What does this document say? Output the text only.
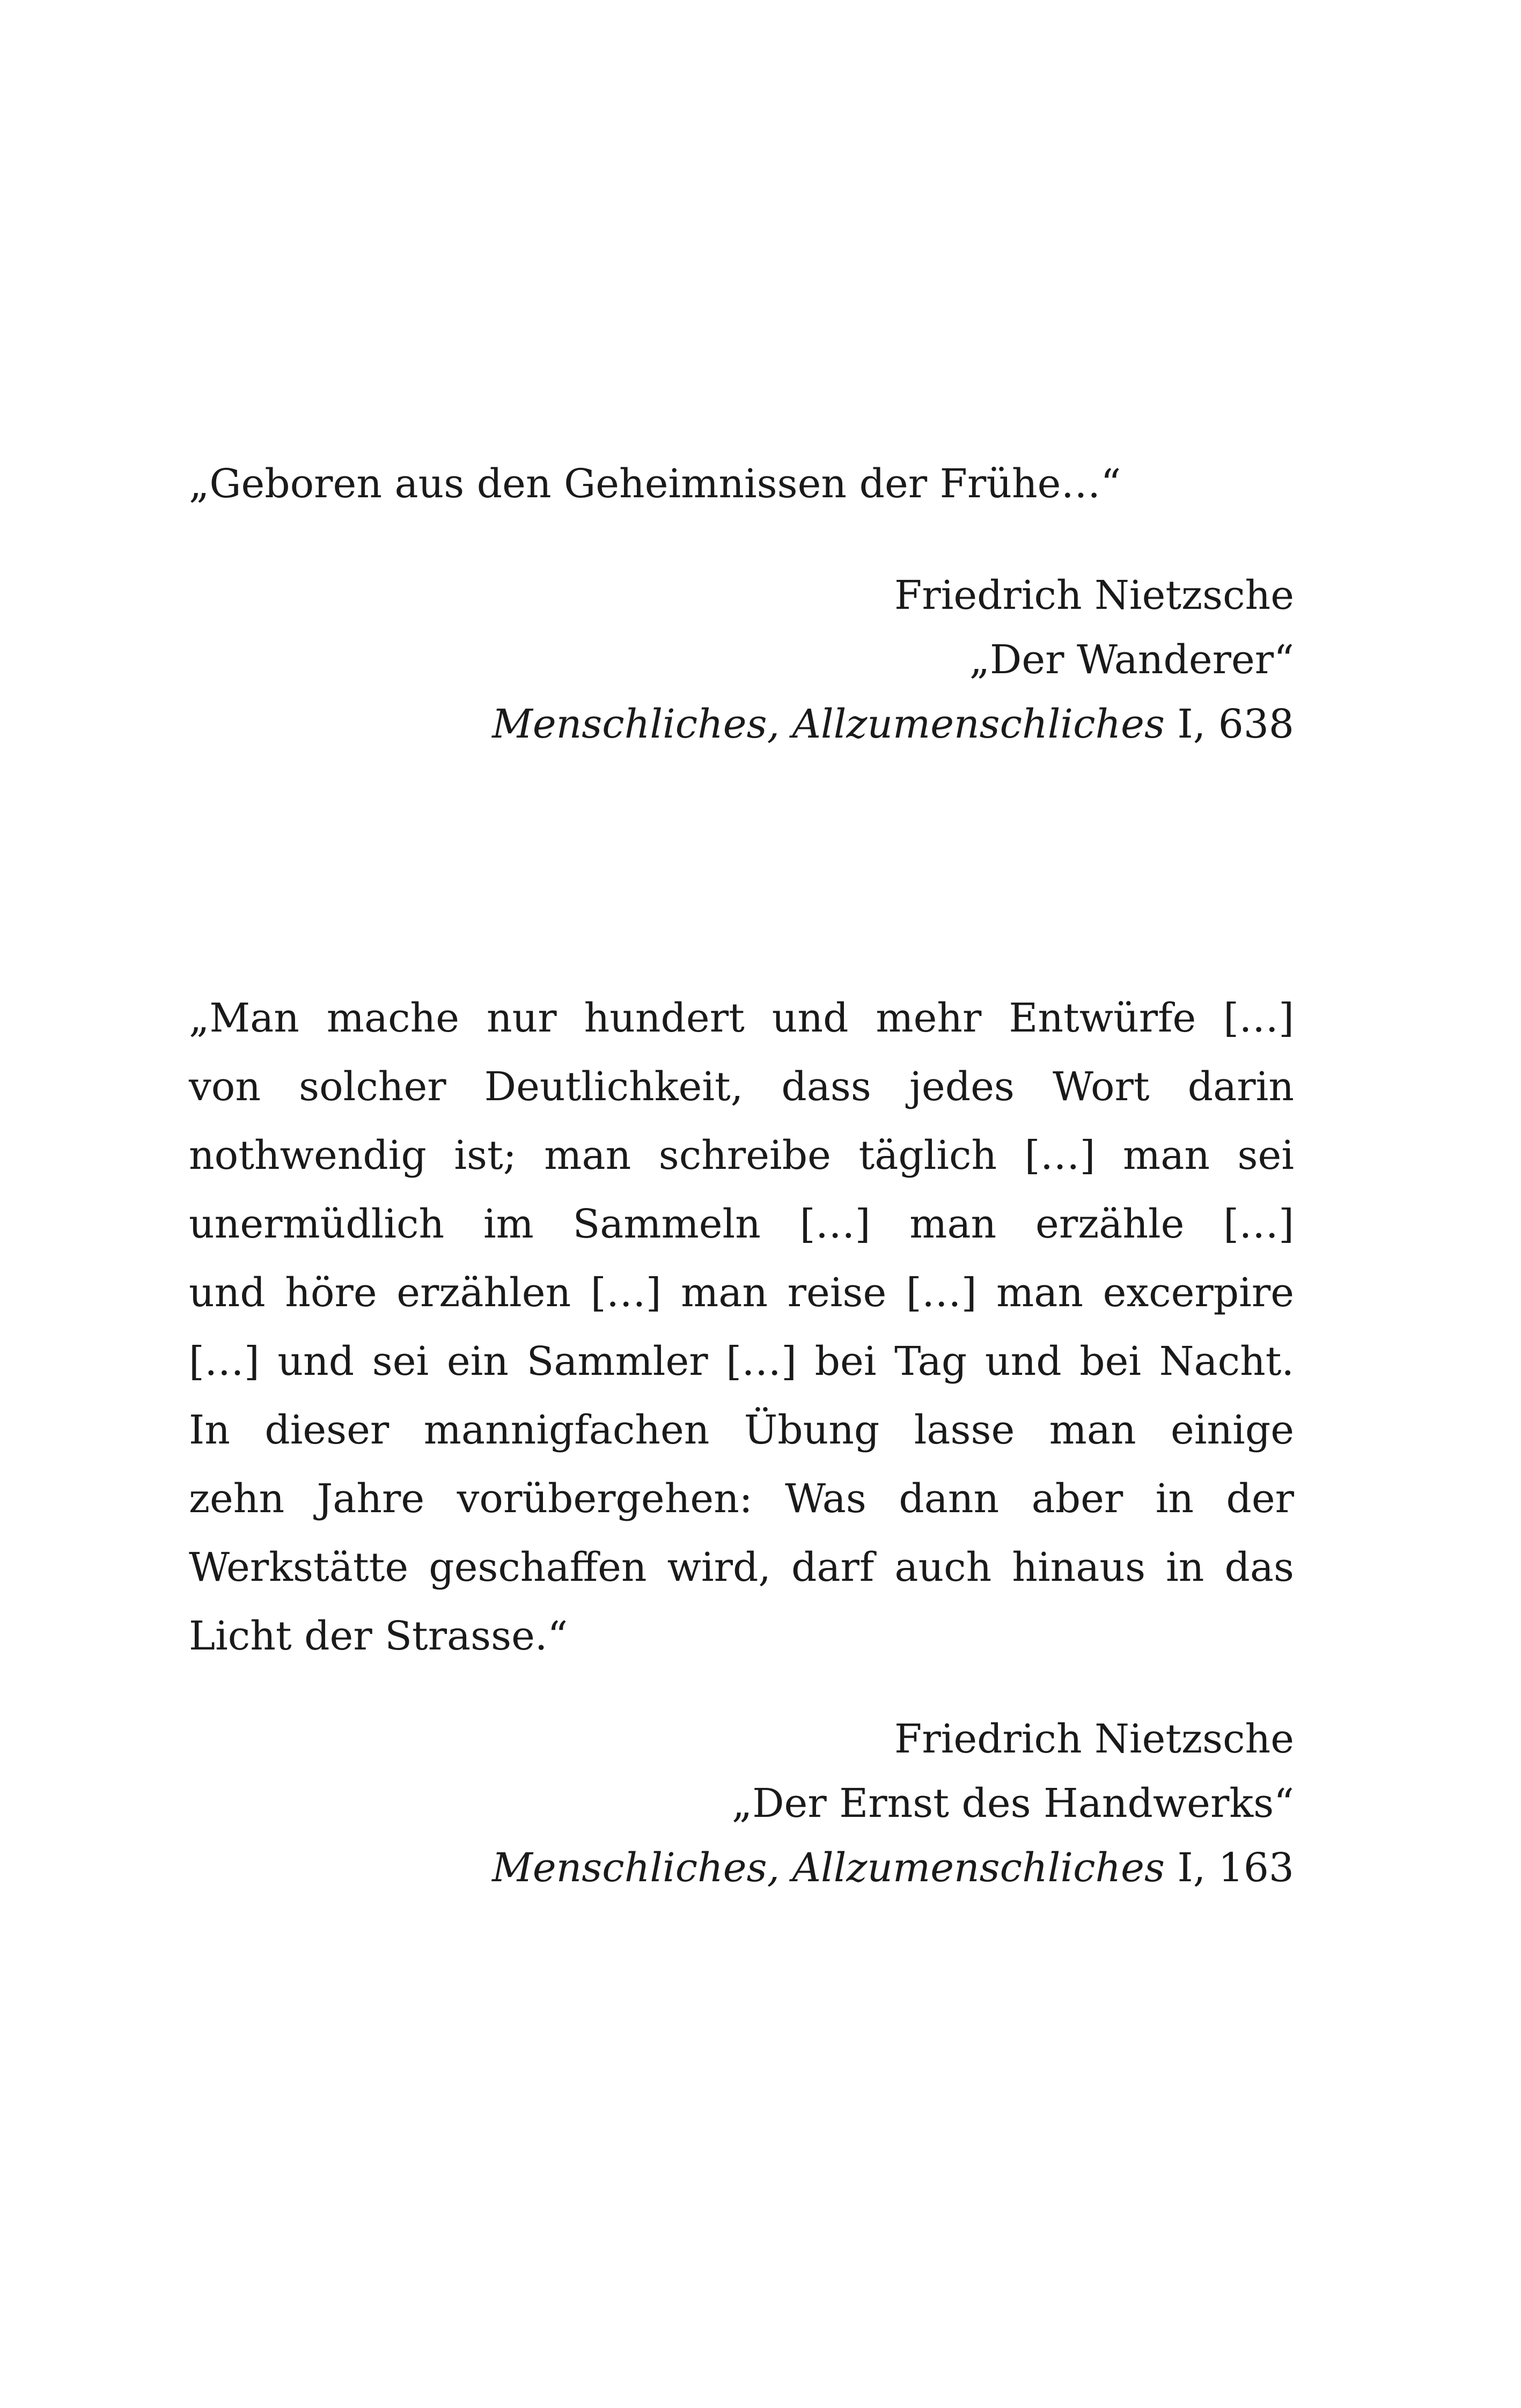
„Geboren aus den Geheimnissen der Frühe…“

Friedrich Nietzsche
„Der Wanderer“
Menschliches, Allzumenschliches I, 638

„Man mache nur hundert und mehr Entwürfe […]
von solcher Deutlichkeit, dass jedes Wort darin
nothwendig ist; man schreibe täglich […] man sei
unermüdlich im Sammeln […] man erzähle […]
und höre erzählen […] man reise […] man excerpire
[…] und sei ein Sammler […] bei Tag und bei Nacht.
In dieser mannigfachen Übung lasse man einige
zehn Jahre vorübergehen: Was dann aber in der
Werkstätte geschaffen wird, darf auch hinaus in das
Licht der Strasse.“

Friedrich Nietzsche
„Der Ernst des Handwerks“
Menschliches, Allzumenschliches I, 163
